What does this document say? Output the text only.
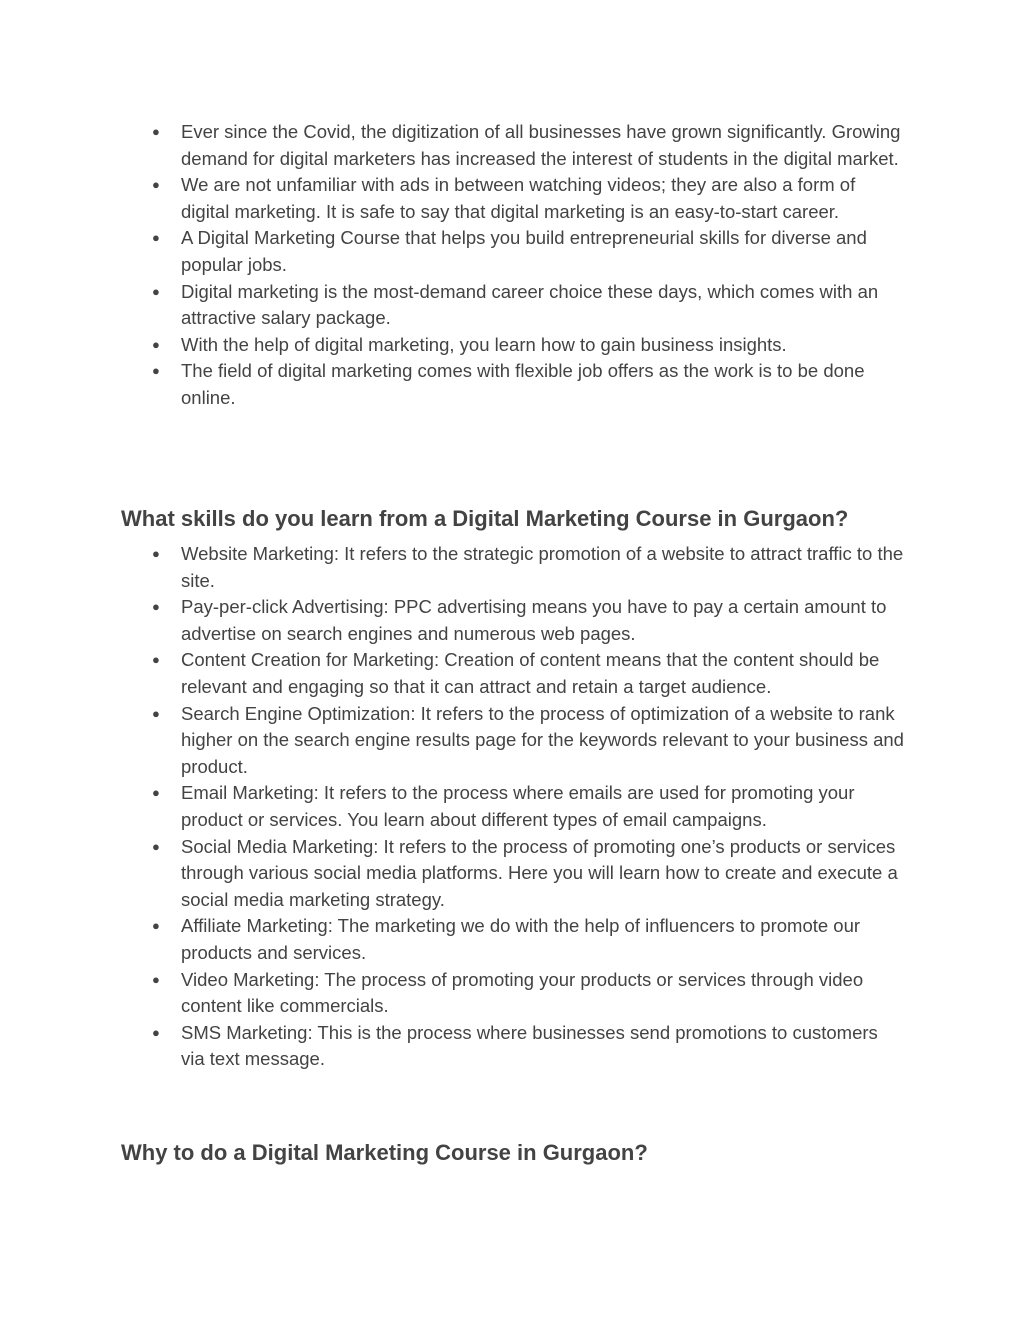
● Ever since the Covid, the digitization of all businesses have grown significantly. Growing demand for digital marketers has increased the interest of students in the digital market.
● We are not unfamiliar with ads in between watching videos; they are also a form of digital marketing. It is safe to say that digital marketing is an easy-to-start career.
● A Digital Marketing Course that helps you build entrepreneurial skills for diverse and popular jobs.
● Digital marketing is the most-demand career choice these days, which comes with an attractive salary package.
● With the help of digital marketing, you learn how to gain business insights.
● The field of digital marketing comes with flexible job offers as the work is to be done online.
What skills do you learn from a Digital Marketing Course in Gurgaon?
● Website Marketing: It refers to the strategic promotion of a website to attract traffic to the site.
● Pay-per-click Advertising: PPC advertising means you have to pay a certain amount to advertise on search engines and numerous web pages.
● Content Creation for Marketing: Creation of content means that the content should be relevant and engaging so that it can attract and retain a target audience.
● Search Engine Optimization: It refers to the process of optimization of a website to rank higher on the search engine results page for the keywords relevant to your business and product.
● Email Marketing: It refers to the process where emails are used for promoting your product or services. You learn about different types of email campaigns.
● Social Media Marketing: It refers to the process of promoting one’s products or services through various social media platforms. Here you will learn how to create and execute a social media marketing strategy.
● Affiliate Marketing: The marketing we do with the help of influencers to promote our products and services.
● Video Marketing: The process of promoting your products or services through video content like commercials.
● SMS Marketing: This is the process where businesses send promotions to customers via text message.
Why to do a Digital Marketing Course in Gurgaon?
